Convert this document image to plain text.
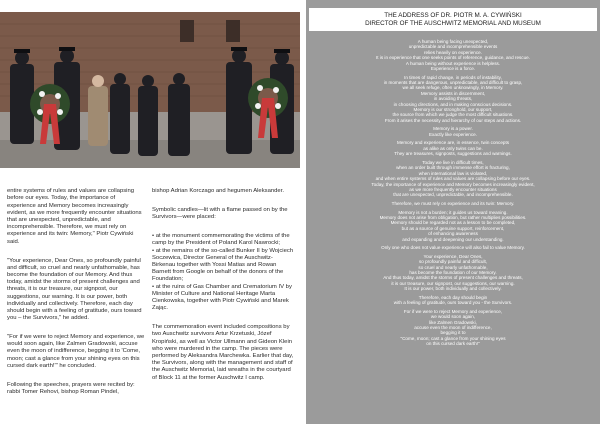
entire systems of rules and values are collapsing before our eyes. Today, the importance of experience and Memory becomes increasingly evident, as we more frequently encounter situations that are unexpected, unpredictable, and incomprehensible. Therefore, we must rely on experience and its twin: Memory," Piotr Cywiński said.

"Your experience, Dear Ones, so profoundly painful and difficult, so cruel and nearly unfathomable, has become the foundation of our Memory. And thus today, amidst the storms of present challenges and threats, it is our treasure, our signpost, our suggestions, our warning. It is our power, both individually and collectively. Therefore, each day should begin with a feeling of gratitude, ours toward you – the Survivors," he added.

"For if we were to reject Memory and experience, we would soon again, like Zalmen Gradowski, accuse even the moon of indifference, begging it to 'Come, moon; cast a glance from your shining eyes on this cursed dark earth!'" he concluded.

Following the speeches, prayers were recited by: rabbi Tomer Rehovi, bishop Roman Pindel,

bishop Adrian Korczago and hegumen Aleksander.

Symbolic candles—lit with a flame passed on by the Survivors—were placed:

• at the monument commemorating the victims of the camp by the President of Poland Karol Nawrocki;
• at the remains of the so-called Bunker II by Wojciech Soczewica, Director General of the Auschwitz-Birkenau together with Yossi Matias and Rowan Barnett from Google on behalf of the donors of the Foundation;
• at the ruins of Gas Chamber and Crematorium IV by Minister of Culture and National Heritage Marta Cienkowska, together with Piotr Cywiński and Marek Zając.

The commemoration event included compositions by two Auschwitz survivors Artur Krzetuski, Józef Kropiński, as well as Victor Ullmann and Gideon Klein who were murdered in the camp. The pieces were performed by Aleksandra Marchewka. Earlier that day, the Survivors, along with the management and staff of the Auschwitz Memorial, laid wreaths in the courtyard of Block 11 at the former Auschwitz I camp.

THE ADDRESS OF DR. PIOTR M. A. CYWIŃSKI
DIRECTOR OF THE AUSCHWITZ MEMORIAL AND MUSEUM

A human being facing unexpected,
unpredictable and incomprehensible events
relies heavily on experience.
It is in experience that one seeks points of reference, guidance, and rescue.
A human being without experience is helpless.
Experience is a force.

In times of rapid change, in periods of instability,
in moments that are dangerous, unpredictable, and difficult to grasp,
we all seek refuge, often unknowingly, in Memory.
Memory assists in discernment,
in avoiding threats,
in choosing directions, and in making conscious decisions.
Memory is our stronghold, our support,
the source from which we judge the most difficult situations.
From it arises the necessity and hierarchy of our steps and actions.

Memory is a power.
Exactly like experience.

Memory and experience are, in essence, twin concepts
as alike as only twins can be.
They are treasures, signposts, suggestions and warnings.

Today we live in difficult times,
when an order built through immense effort is fracturing,
when international law is violated,
and when entire systems of rules and values are collapsing before our eyes.
Today, the importance of experience and Memory becomes increasingly evident,
as we more frequently encounter situations
that are unexpected, unpredictable, and incomprehensible.

Therefore, we must rely on experience and its twin: Memory.

Memory is not a burden; it guides us toward meaning.
Memory does not arise from obligation, but rather multiplies possibilities.
Memory should be regarded not as a lesson to be completed,
but as a source of genuine support, reinforcement,
of enhancing awareness
and expanding and deepening our understanding.

Only one who does not value experience will also fail to value Memory.

Your experience, Dear Ones,
so profoundly painful and difficult,
so cruel and nearly unfathomable,
has become the foundation of our Memory.
And thus today, amidst the storms of present challenges and threats,
it is our treasure, our signpost, our suggestions, our warning.
It is our power, both individually and collectively.

Therefore, each day should begin
with a feeling of gratitude, ours toward you - the Survivors.

For if we were to reject Memory and experience,
we would soon again,
like Zalmen Gradowski,
accuse even the moon of indifference,
begging it to
"Come, moon; cast a glance from your shining eyes
on this cursed dark earth!"
